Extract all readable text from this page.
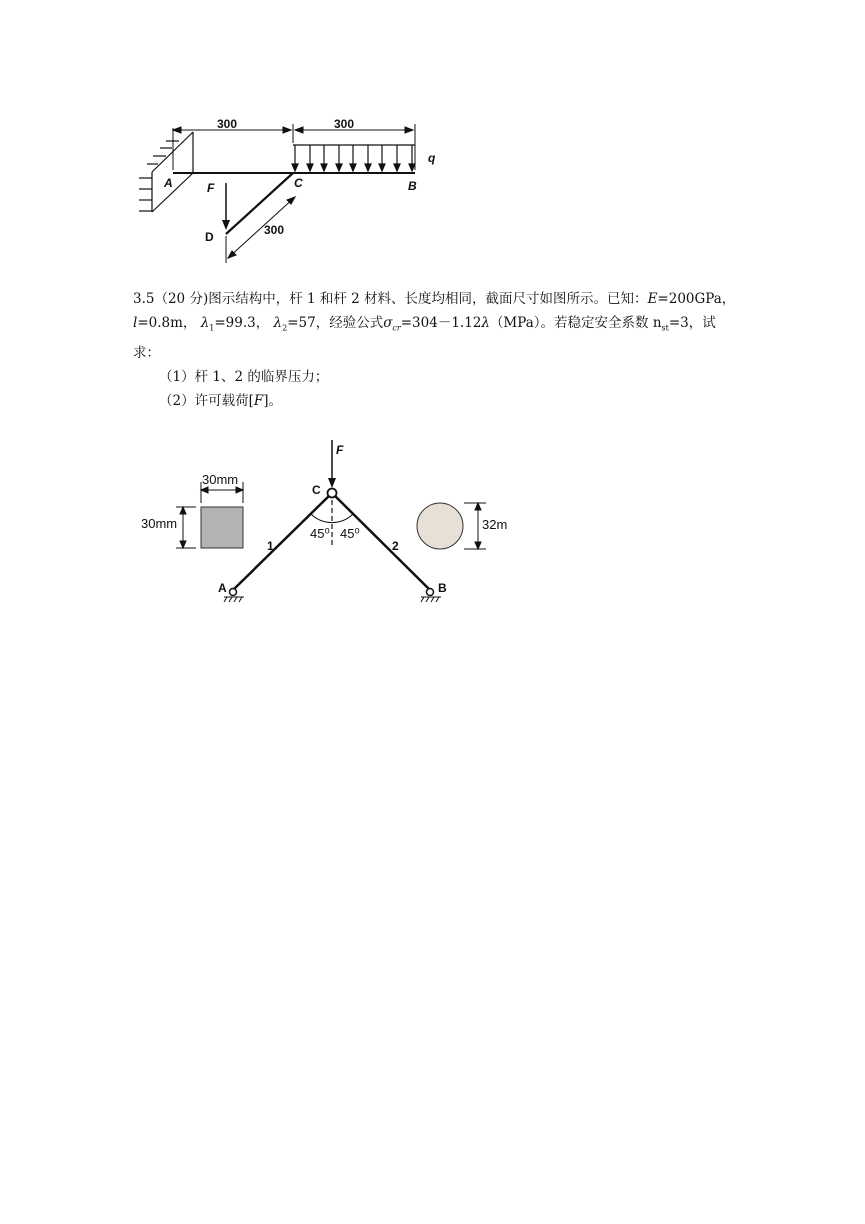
300	300
300
A	C	B
D
F
q

3.5（20 分)图示结构中，杆 1 和杆 2 材料、长度均相同，截面尺寸如图所示。已知：E=200GPa，
l=0.8m， $\lambda_1=99.3$， $\lambda_2=57$，经验公式$\sigma_{cr}=304-1.12\lambda(MPa)$。若稳定安全系数 $n_{st}=3$，试
求：

（1）杆 1、2 的临界压力；

（2）许可载荷[F]。

F
C
A	B
1	2
45⁰ 45⁰
30mm
30mm	32m
